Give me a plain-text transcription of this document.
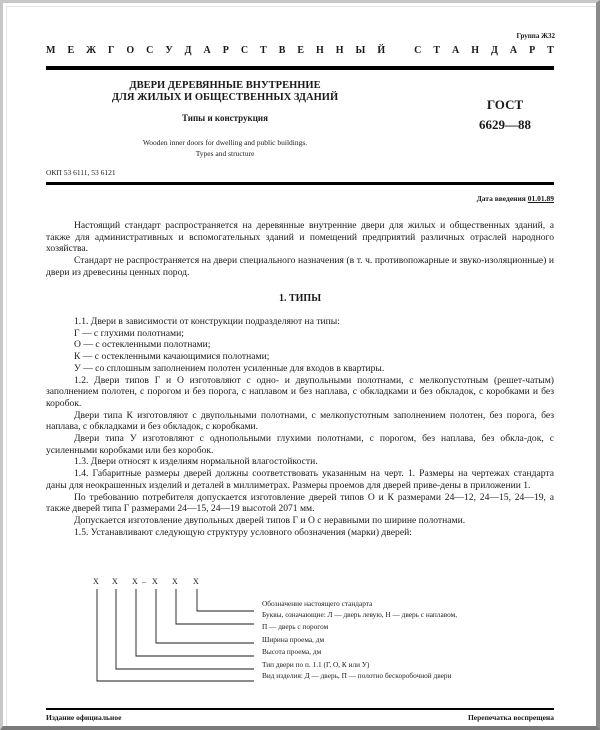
Группа Ж32
М Е Ж Г О С У Д А Р С Т В Е Н Н Ы Й
	С Т А Н Д А Р Т
ДВЕРИ ДЕРЕВЯННЫЕ ВНУТРЕННИЕ
ДЛЯ ЖИЛЫХ И ОБЩЕСТВЕННЫХ ЗДАНИЙ
Типы и конструкция
Wooden inner doors for dwelling and public buildings.
Types and structure
ГОСТ
6629—88
ОКП 53 6111, 53 6121
Дата введения 01.01.89

Настоящий стандарт распространяется на деревянные внутренние двери для жилых и общественных зданий, а также для административных и вспомогательных зданий и помещений предприятий различных отраслей народного хозяйства.

Стандарт не распространяется на двери специального назначения (в т. ч. противопожарные и звуко-изоляционные) и двери из древесины ценных пород.

1. ТИПЫ

1.1. Двери в зависимости от конструкции подразделяют на типы:

Г — с глухими полотнами;

О — с остекленными полотнами;

К — с остекленными качающимися полотнами;

У — со сплошным заполнением полотен усиленные для входов в квартиры.

1.2. Двери типов Г и О изготовляют с одно- и двупольными полотнами, с мелкопустотным (решет-чатым) заполнением полотен, с порогом и без порога, с наплавом и без наплава, с обкладками и без обкладок, с коробками и без коробок.

Двери типа К изготовляют с двупольными полотнами, с мелкопустотным заполнением полотен, без порога, без наплава, с обкладками и без обкладок, с коробками.

Двери типа У изготовляют с однопольными глухими полотнами, с порогом, без наплава, без обкла-док, с усиленными коробками или без коробок.

1.3. Двери относят к изделиям нормальной влагостойкости.

1.4. Габаритные размеры дверей должны соответствовать указанным на черт. 1. Размеры на чертежах стандарта даны для неокрашенных изделий и деталей в миллиметрах. Размеры проемов для дверей приве-дены в приложении 1.

По требованию потребителя допускается изготовление дверей типов О и К размерами 24—12, 24—15, 24—19, а также дверей типа Г размерами 24—15, 24—19 высотой 2071 мм.

Допускается изготовление двупольных дверей типов Г и О с неравными по ширине полотнами.

1.5. Устанавливают следующую структуру условного обозначения (марки) дверей:

Х Х Х – Х Х Х
Обозначение настоящего стандарта
Буквы, означающие: Л — дверь левую, Н — дверь с наплавом,
П — дверь с порогом
Ширина проема, дм
Высота проема, дм
Тип двери по п. 1.1 (Г, О, К или У)
Вид изделия: Д — дверь, П — полотно бескоробочной двери
Издание официальное	Перепечатка воспрещена
